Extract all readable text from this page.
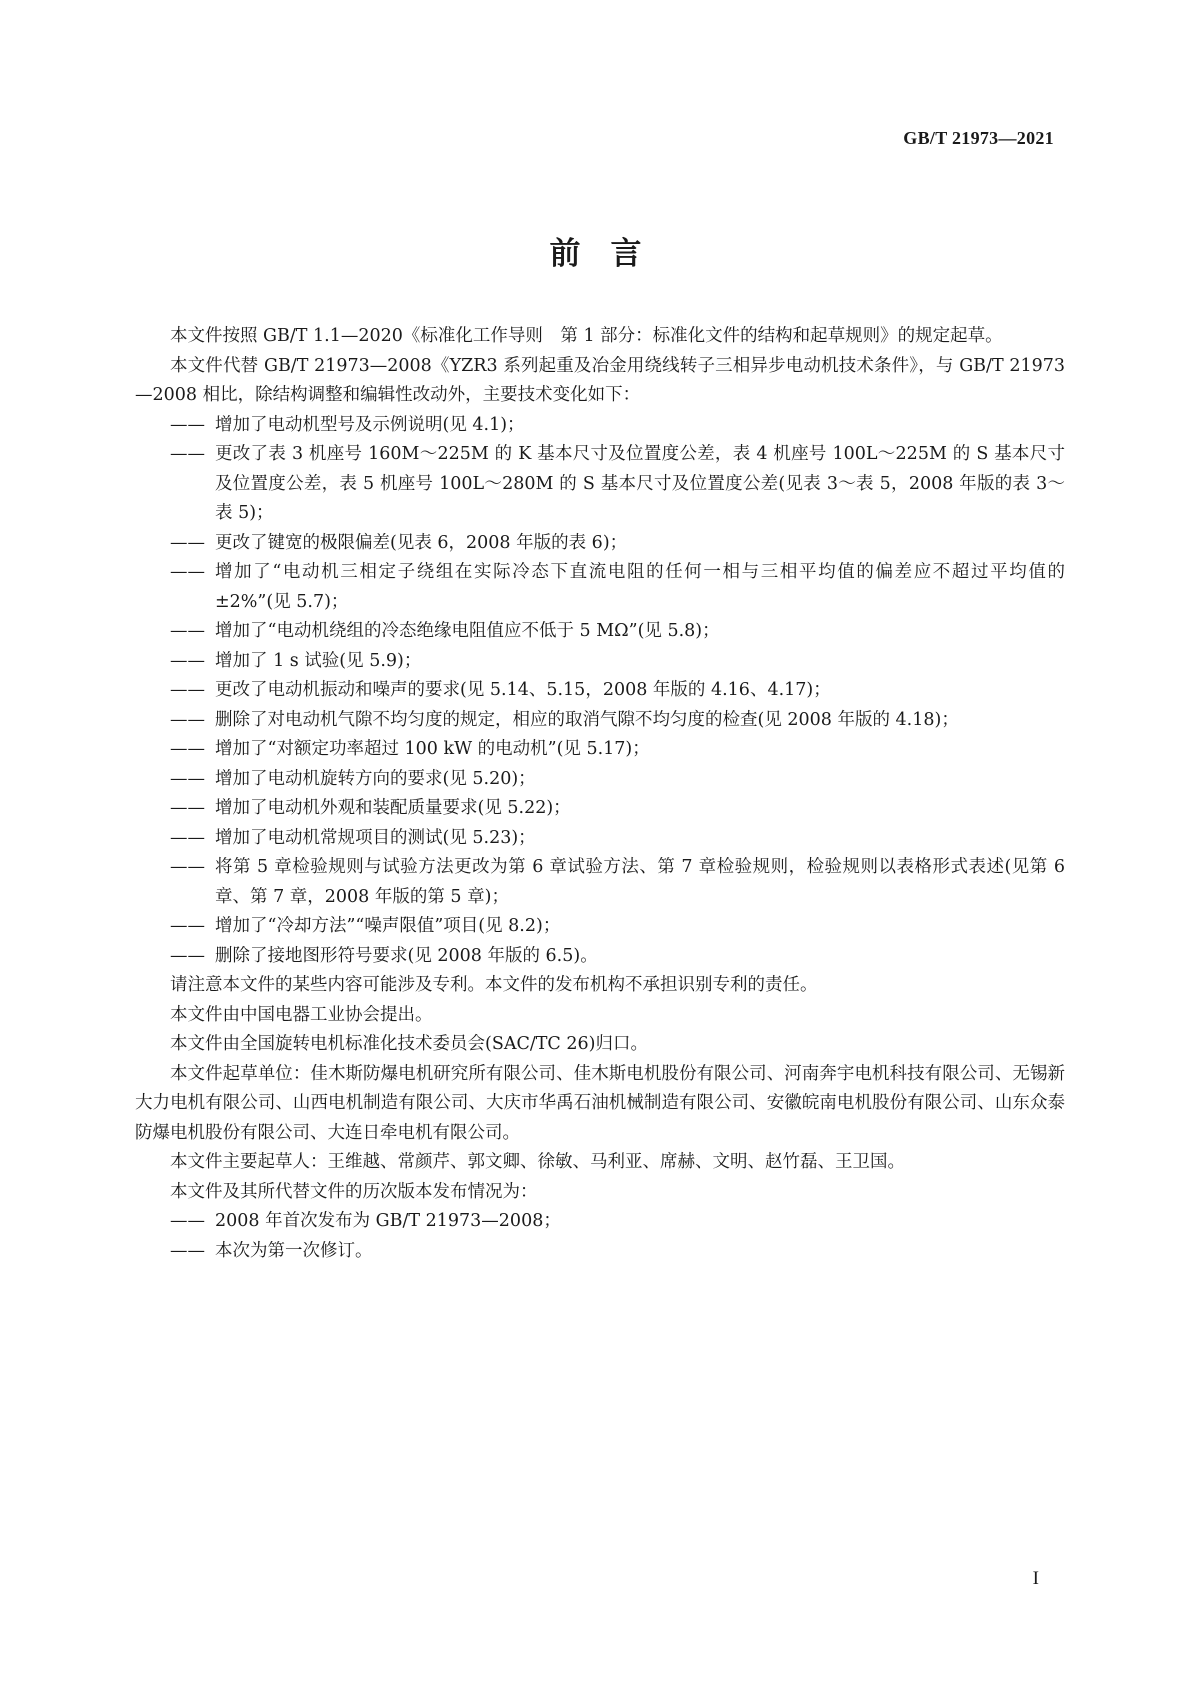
GB/T 21973—2021
前言

本文件按照 GB/T 1.1—2020《标准化工作导则　第 1 部分：标准化文件的结构和起草规则》的规定起草。

本文件代替 GB/T 21973—2008《YZR3 系列起重及冶金用绕线转子三相异步电动机技术条件》，与 GB/T 21973—2008 相比，除结构调整和编辑性改动外，主要技术变化如下：

—— 增加了电动机型号及示例说明(见 4.1)；

—— 更改了表 3 机座号 160M～225M 的 K 基本尺寸及位置度公差，表 4 机座号 100L～225M 的 S 基本尺寸及位置度公差，表 5 机座号 100L～280M 的 S 基本尺寸及位置度公差(见表 3～表 5，2008 年版的表 3～表 5)；

—— 更改了键宽的极限偏差(见表 6，2008 年版的表 6)；

—— 增加了“电动机三相定子绕组在实际冷态下直流电阻的任何一相与三相平均值的偏差应不超过平均值的±2%”(见 5.7)；

—— 增加了“电动机绕组的冷态绝缘电阻值应不低于 5 MΩ”(见 5.8)；

—— 增加了 1 s 试验(见 5.9)；

—— 更改了电动机振动和噪声的要求(见 5.14、5.15，2008 年版的 4.16、4.17)；

—— 删除了对电动机气隙不均匀度的规定，相应的取消气隙不均匀度的检查(见 2008 年版的 4.18)；

—— 增加了“对额定功率超过 100 kW 的电动机”(见 5.17)；

—— 增加了电动机旋转方向的要求(见 5.20)；

—— 增加了电动机外观和装配质量要求(见 5.22)；

—— 增加了电动机常规项目的测试(见 5.23)；

—— 将第 5 章检验规则与试验方法更改为第 6 章试验方法、第 7 章检验规则，检验规则以表格形式表述(见第 6 章、第 7 章，2008 年版的第 5 章)；

—— 增加了“冷却方法”“噪声限值”项目(见 8.2)；

—— 删除了接地图形符号要求(见 2008 年版的 6.5)。

请注意本文件的某些内容可能涉及专利。本文件的发布机构不承担识别专利的责任。

本文件由中国电器工业协会提出。

本文件由全国旋转电机标准化技术委员会(SAC/TC 26)归口。

本文件起草单位：佳木斯防爆电机研究所有限公司、佳木斯电机股份有限公司、河南奔宇电机科技有限公司、无锡新大力电机有限公司、山西电机制造有限公司、大庆市华禹石油机械制造有限公司、安徽皖南电机股份有限公司、山东众泰防爆电机股份有限公司、大连日牵电机有限公司。

本文件主要起草人：王维越、常颜芹、郭文卿、徐敏、马利亚、席赫、文明、赵竹磊、王卫国。

本文件及其所代替文件的历次版本发布情况为：

—— 2008 年首次发布为 GB/T 21973—2008；

—— 本次为第一次修订。

I
